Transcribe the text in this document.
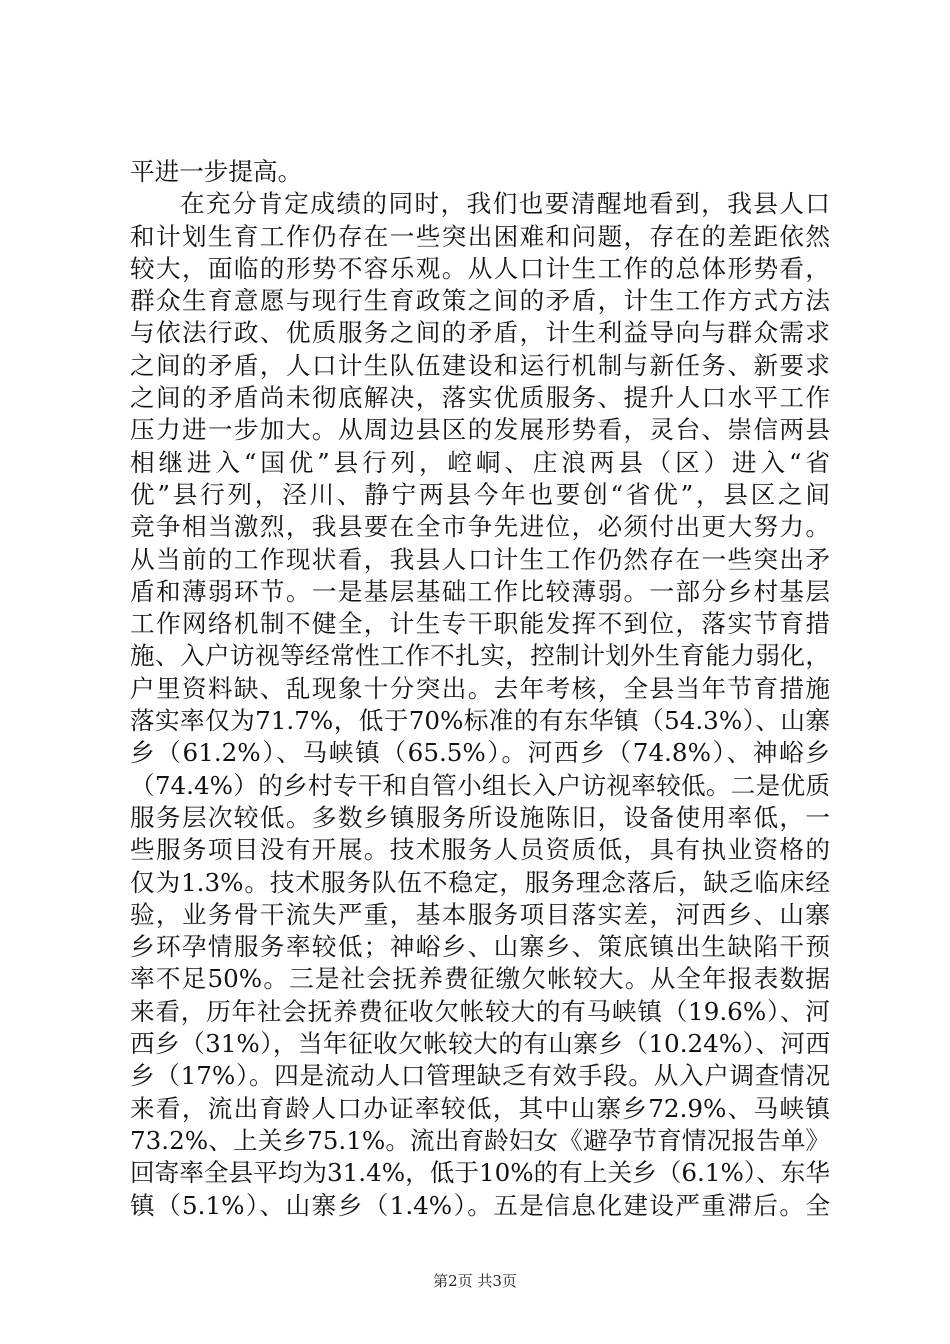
平进一步提高。
在充分肯定成绩的同时，我们也要清醒地看到，我县人口
和计划生育工作仍存在一些突出困难和问题，存在的差距依然
较大，面临的形势不容乐观。从人口计生工作的总体形势看，
群众生育意愿与现行生育政策之间的矛盾，计生工作方式方法
与依法行政、优质服务之间的矛盾，计生利益导向与群众需求
之间的矛盾，人口计生队伍建设和运行机制与新任务、新要求
之间的矛盾尚未彻底解决，落实优质服务、提升人口水平工作
压力进一步加大。从周边县区的发展形势看，灵台、崇信两县
相继进入“国优”县行列，崆峒、庄浪两县（区）进入“省
优”县行列，泾川、静宁两县今年也要创“省优”，县区之间
竞争相当激烈，我县要在全市争先进位，必须付出更大努力。
从当前的工作现状看，我县人口计生工作仍然存在一些突出矛
盾和薄弱环节。一是基层基础工作比较薄弱。一部分乡村基层
工作网络机制不健全，计生专干职能发挥不到位，落实节育措
施、入户访视等经常性工作不扎实，控制计划外生育能力弱化，
户里资料缺、乱现象十分突出。去年考核，全县当年节育措施
落实率仅为71.7%，低于70%标准的有东华镇（54.3%）、山寨
乡（61.2%）、马峡镇（65.5%）。河西乡（74.8%）、神峪乡
（74.4%）的乡村专干和自管小组长入户访视率较低。二是优质
服务层次较低。多数乡镇服务所设施陈旧，设备使用率低，一
些服务项目没有开展。技术服务人员资质低，具有执业资格的
仅为1.3%。技术服务队伍不稳定，服务理念落后，缺乏临床经
验，业务骨干流失严重，基本服务项目落实差，河西乡、山寨
乡环孕情服务率较低；神峪乡、山寨乡、策底镇出生缺陷干预
率不足50%。三是社会抚养费征缴欠帐较大。从全年报表数据
来看，历年社会抚养费征收欠帐较大的有马峡镇（19.6%）、河
西乡（31%），当年征收欠帐较大的有山寨乡（10.24%）、河西
乡（17%）。四是流动人口管理缺乏有效手段。从入户调查情况
来看，流出育龄人口办证率较低，其中山寨乡72.9%、马峡镇
73.2%、上关乡75.1%。流出育龄妇女《避孕节育情况报告单》
回寄率全县平均为31.4%，低于10%的有上关乡（6.1%）、东华
镇（5.1%）、山寨乡（1.4%）。五是信息化建设严重滞后。全
第2页 共3页
